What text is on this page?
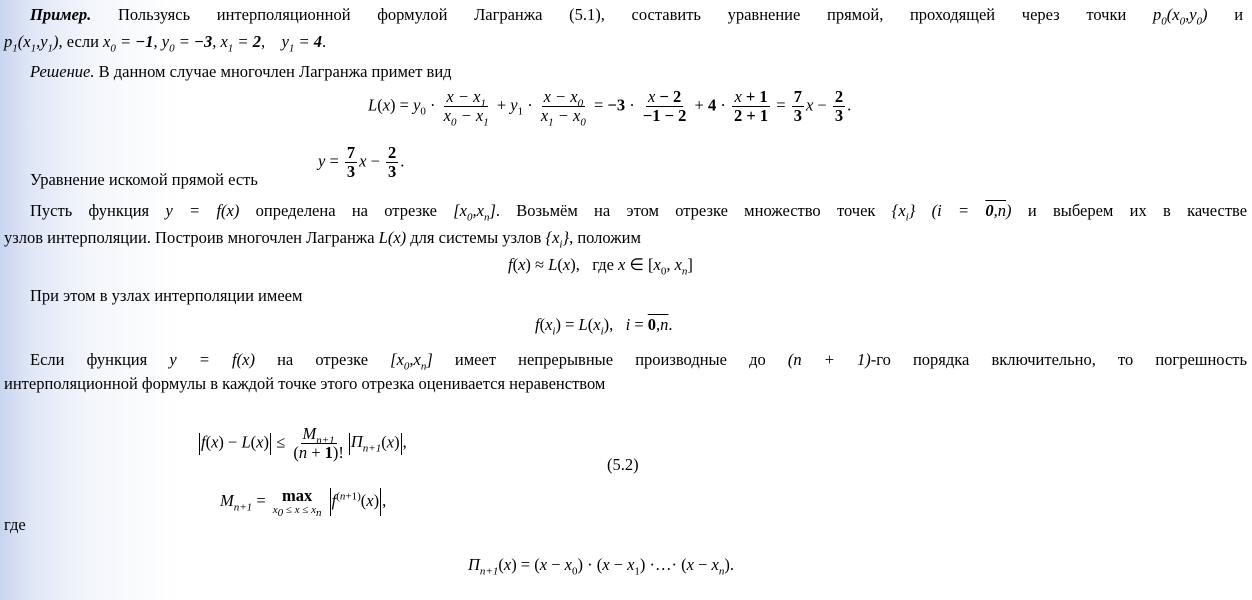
Пример. Пользуясь интерполяционной формулой Лагранжа (5.1), составить уравнение прямой, проходящей через точки $p_0(x_0,y_0)$ и
$p_1(x_1,y_1)$, если $x_0 = -1$, $y_0 = -3$, $x_1 = 2$,    $y_1 = 4$.
Решение. В данном случае многочлен Лагранжа примет вид
$L(x) = y_0 \cdot \frac{x - x_1}{x_0 - x_1} + y_1 \cdot \frac{x - x_0}{x_1 - x_0} = -3 \cdot \frac{x - 2}{-1 - 2} + 4 \cdot \frac{x + 1}{2 + 1} = \frac{7}{3}$ $x - \frac{2}{3}$ .
Уравнение искомой прямой есть
$y = \frac{7}{3}$ $x - \frac{2}{3}$ .
Пусть функция y = f(x) определена на отрезке $[x_0,x_n]$. Возьмём на этом отрезке множество точек $\{x_i\} (i = 0,n)$ и выберем их в качестве
узлов интерполяции. Построив многочлен Лагранжа L(x) для системы узлов $\{x_i\}$, положим
f(x) ≈ L(x),   где x ∈ [$x_0$, $x_n$]
При этом в узлах интерполяции имеем
$f(x_i) = L(x_i)$,   i = 0,n.
Если функция y = f(x) на отрезке $[x_0,x_n]$ имеет непрерывные производные до (n + 1)-го порядка включительно, то погрешность
интерполяционной формулы в каждой точке этого отрезка оценивается неравенством
$f(x) - L(x) \le \frac{M_{n+1}}{(n + 1)!} П_{n+1}(x)$ ,
(5.2)
$M_{n+1} = \max$
$x_0 \le x \le x_n$
$f^{(n+1)}(x)$ ,
где
$П_{n+1}(x) = (x - x_0) \cdot (x - x_1)$ ·…· $(x - x_n)$.
